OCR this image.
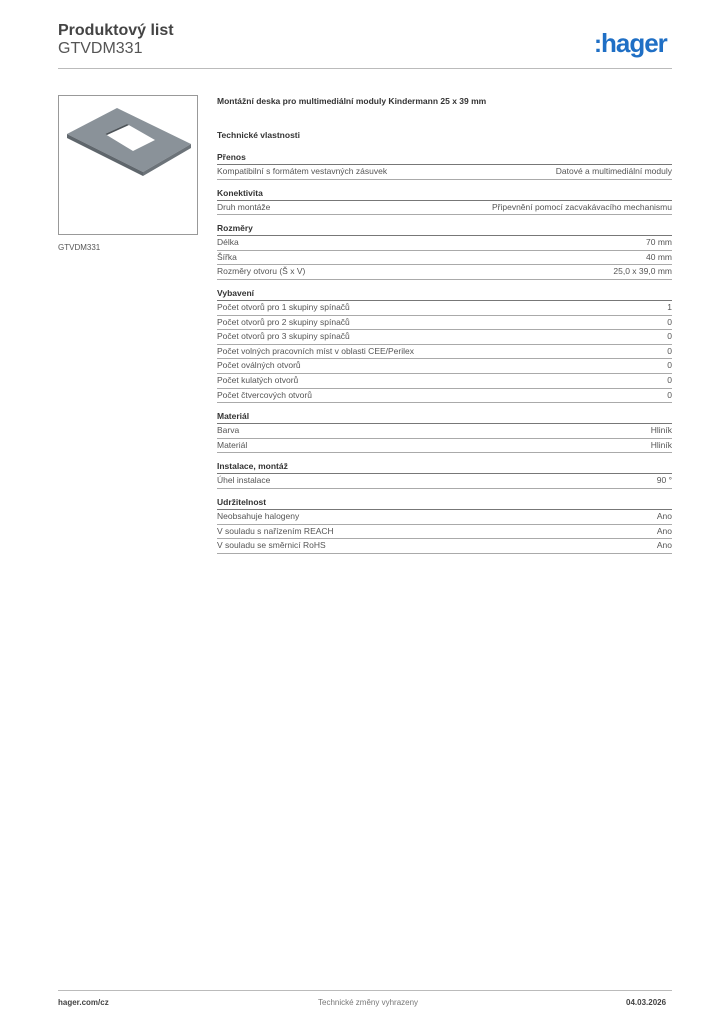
Produktový list
GTVDM331	:hager
GTVDM331
Montážní deska pro multimediální moduly Kindermann 25 x 39 mm
Technické vlastnosti
Přenos
Kompatibilní s formátem vestavných zásuvek	Datové a multimediální moduly
Konektivita
Druh montáže	Připevnění pomocí zacvakávacího mechanismu
Rozměry
Délka	70 mm
Šířka	40 mm
Rozměry otvoru (Š x V)	25,0 x 39,0 mm
Vybavení
Počet otvorů pro 1 skupiny spínačů	1
Počet otvorů pro 2 skupiny spínačů	0
Počet otvorů pro 3 skupiny spínačů	0
Počet volných pracovních míst v oblasti CEE/Perilex	0
Počet oválných otvorů	0
Počet kulatých otvorů	0
Počet čtvercových otvorů	0
Materiál
Barva	Hliník
Materiál	Hliník
Instalace, montáž
Úhel instalace	90 °
Udržitelnost
Neobsahuje halogeny	Ano
V souladu s nařízením REACH	Ano
V souladu se směrnicí RoHS	Ano
hager.com/cz	Technické změny vyhrazeny	04.03.2026
